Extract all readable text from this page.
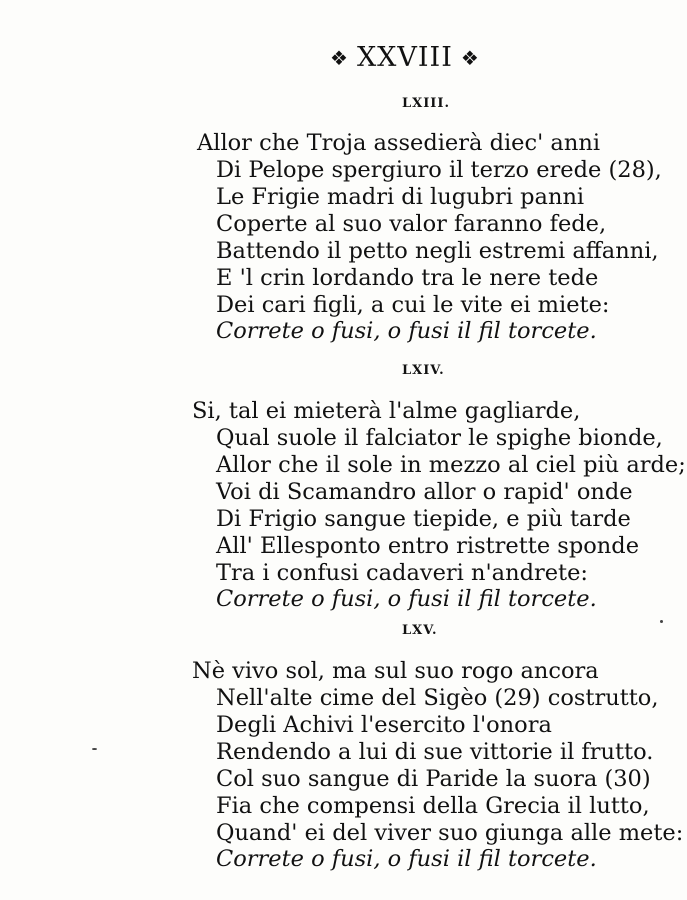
❖ XXVIII ❖
LXIII.
Allor che Troja assedierà diec' anni
Di Pelope spergiuro il terzo erede (28),
Le Frigie madri di lugubri panni
Coperte al suo valor faranno fede,
Battendo il petto negli estremi affanni,
E 'l crin lordando tra le nere tede
Dei cari figli, a cui le vite ei miete:
Correte o fusi, o fusi il fil torcete.
LXIV.
Si, tal ei mieterà l'alme gagliarde,
Qual suole il falciator le spighe bionde,
Allor che il sole in mezzo al ciel più arde;
Voi di Scamandro allor o rapid' onde
Di Frigio sangue tiepide, e più tarde
All' Ellesponto entro ristrette sponde
Tra i confusi cadaveri n'andrete:
Correte o fusi, o fusi il fil torcete.
LXV.
Nè vivo sol, ma sul suo rogo ancora
Nell'alte cime del Sigèo (29) costrutto,
Degli Achivi l'esercito l'onora
Rendendo a lui di sue vittorie il frutto.
Col suo sangue di Paride la suora (30)
Fia che compensi della Grecia il lutto,
Quand' ei del viver suo giunga alle mete:
Correte o fusi, o fusi il fil torcete.
